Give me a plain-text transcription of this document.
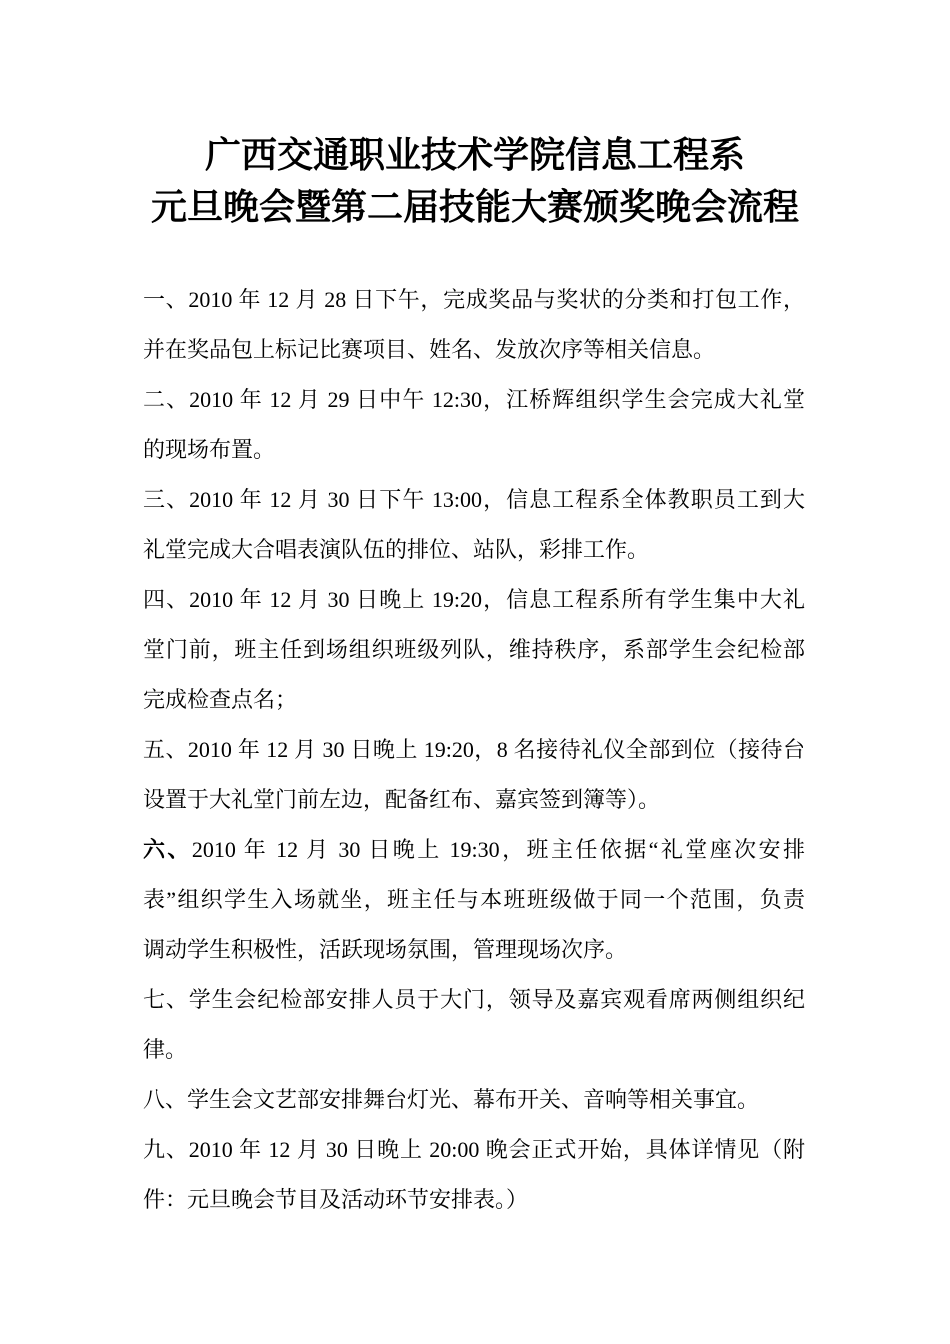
广西交通职业技术学院信息工程系
元旦晚会暨第二届技能大赛颁奖晚会流程
一、2010 年 12 月 28 日下午，完成奖品与奖状的分类和打包工作，
并在奖品包上标记比赛项目、姓名、发放次序等相关信息。
二、2010 年 12 月 29 日中午 12:30，江桥辉组织学生会完成大礼堂
的现场布置。
三、2010 年 12 月 30 日下午 13:00，信息工程系全体教职员工到大
礼堂完成大合唱表演队伍的排位、站队，彩排工作。
四、2010 年 12 月 30 日晚上 19:20，信息工程系所有学生集中大礼
堂门前，班主任到场组织班级列队，维持秩序，系部学生会纪检部
完成检查点名；
五、2010 年 12 月 30 日晚上 19:20，8 名接待礼仪全部到位（接待台
设置于大礼堂门前左边，配备红布、嘉宾签到簿等）。
六、2010 年 12 月 30 日晚上 19:30，班主任依据“礼堂座次安排
表”组织学生入场就坐，班主任与本班班级做于同一个范围，负责
调动学生积极性，活跃现场氛围，管理现场次序。
七、学生会纪检部安排人员于大门，领导及嘉宾观看席两侧组织纪
律。
八、学生会文艺部安排舞台灯光、幕布开关、音响等相关事宜。
九、2010 年 12 月 30 日晚上 20:00 晚会正式开始，具体详情见（附
件：元旦晚会节目及活动环节安排表。）
